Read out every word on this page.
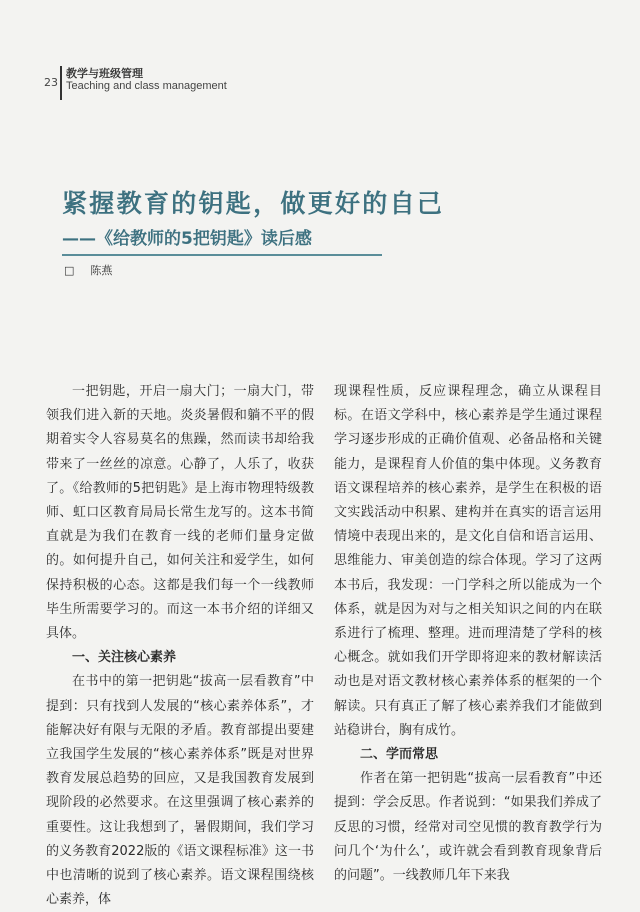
23
教学与班级管理
Teaching and class management
紧握教育的钥匙，做更好的自己
——《给教师的5把钥匙》读后感
□ 陈燕

一把钥匙，开启一扇大门；一扇大门，带领我们进入新的天地。炎炎暑假和躺不平的假期着实令人容易莫名的焦躁，然而读书却给我带来了一丝丝的凉意。心静了，人乐了，收获了。《给教师的5把钥匙》是上海市物理特级教师、虹口区教育局局长常生龙写的。这本书简直就是为我们在教育一线的老师们量身定做的。如何提升自己，如何关注和爱学生，如何保持积极的心态。这都是我们每一个一线教师毕生所需要学习的。而这一本书介绍的详细又具体。

一、关注核心素养

在书中的第一把钥匙“拔高一层看教育”中提到：只有找到人发展的“核心素养体系”，才能解决好有限与无限的矛盾。教育部提出要建立我国学生发展的“核心素养体系”既是对世界教育发展总趋势的回应，又是我国教育发展到现阶段的必然要求。在这里强调了核心素养的重要性。这让我想到了，暑假期间，我们学习的义务教育2022版的《语文课程标准》这一书中也清晰的说到了核心素养。语文课程围绕核心素养，体

现课程性质，反应课程理念，确立从课程目标。在语文学科中，核心素养是学生通过课程学习逐步形成的正确价值观、必备品格和关键能力，是课程育人价值的集中体现。义务教育语文课程培养的核心素养，是学生在积极的语文实践活动中积累、建构并在真实的语言运用情境中表现出来的，是文化自信和语言运用、思维能力、审美创造的综合体现。学习了这两本书后，我发现：一门学科之所以能成为一个体系，就是因为对与之相关知识之间的内在联系进行了梳理、整理。进而理清楚了学科的核心概念。就如我们开学即将迎来的教材解读活动也是对语文教材核心素养体系的框架的一个解读。只有真正了解了核心素养我们才能做到站稳讲台，胸有成竹。

二、学而常思

作者在第一把钥匙“拔高一层看教育”中还提到：学会反思。作者说到：“如果我们养成了反思的习惯，经常对司空见惯的教育教学行为问几个‘为什么’，或许就会看到教育现象背后的问题”。一线教师几年下来我
